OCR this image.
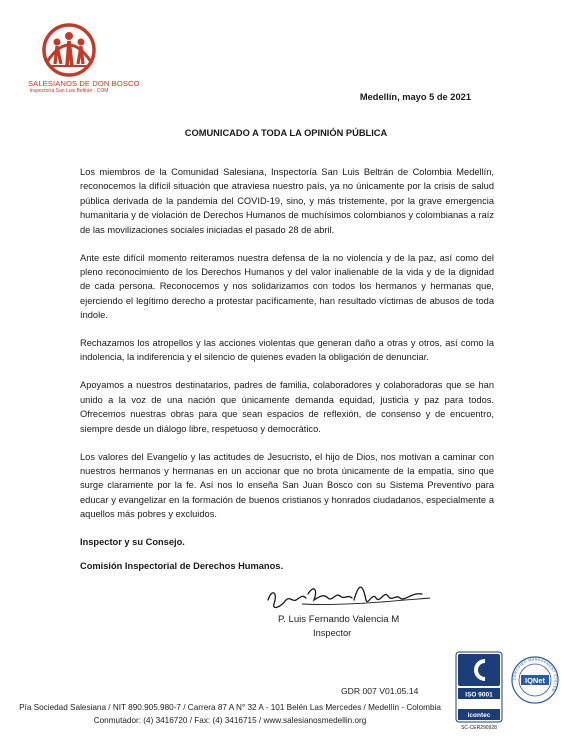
SALESIANOS DE DON BOSCO
Inspectoría San Luis Beltrán · COM
Medellín, mayo 5 de 2021
COMUNICADO A TODA LA OPINIÓN PÚBLICA

Los miembros de la Comunidad Salesiana, Inspectoría San Luis Beltrán de Colombia Medellín, reconocemos la difícil situación que atraviesa nuestro país, ya no únicamente por la crisis de salud pública derivada de la pandemia del COVID-19, sino, y más tristemente, por la grave emergencia humanitaria y de violación de Derechos Humanos de muchísimos colombianos y colombianas a raíz de las movilizaciones sociales iniciadas el pasado 28 de abril.

Ante este difícil momento reiteramos nuestra defensa de la no violencia y de la paz, así como del pleno reconocimiento de los Derechos Humanos y del valor inalienable de la vida y de la dignidad de cada persona. Reconocemos y nos solidarizamos con todos los hermanos y hermanas que, ejerciendo el legítimo derecho a protestar pacíficamente, han resultado víctimas de abusos de toda índole.

Rechazamos los atropellos y las acciones violentas que generan daño a otras y otros, así como la indolencia, la indiferencia y el silencio de quienes evaden la obligación de denunciar.

Apoyamos a nuestros destinatarios, padres de familia, colaboradores y colaboradoras que se han unido a la voz de una nación que únicamente demanda equidad, justicia y paz para todos. Ofrecemos nuestras obras para que sean espacios de reflexión, de consenso y de encuentro, siempre desde un diálogo libre, respetuoso y democrático.

Los valores del Evangelio y las actitudes de Jesucristo, el hijo de Dios, nos motivan a caminar con nuestros hermanos y hermanas en un accionar que no brota únicamente de la empatía, sino que surge claramente por la fe. Así nos lo enseña San Juan Bosco con su Sistema Preventivo para educar y evangelizar en la formación de buenos cristianos y honrados ciudadanos, especialmente a aquellos más pobres y excluidos.

Inspector y su Consejo.

Comisión Inspectorial de Derechos Humanos.

P. Luis Fernando Valencia M
Inspector
GDR 007 V01.05.14	ISO 9001
icontec
SC-CER290928
CERTIFIED MANAGEMENT SYSTEM
IQNet
Pía Sociedad Salesiana / NIT 890.905.980-7 / Carrera 87 A N° 32 A - 101 Belén Las Mercedes / Medellín - Colombia
Conmutador: (4) 3416720 / Fax: (4) 3416715 / www.salesianosmedellin.org
